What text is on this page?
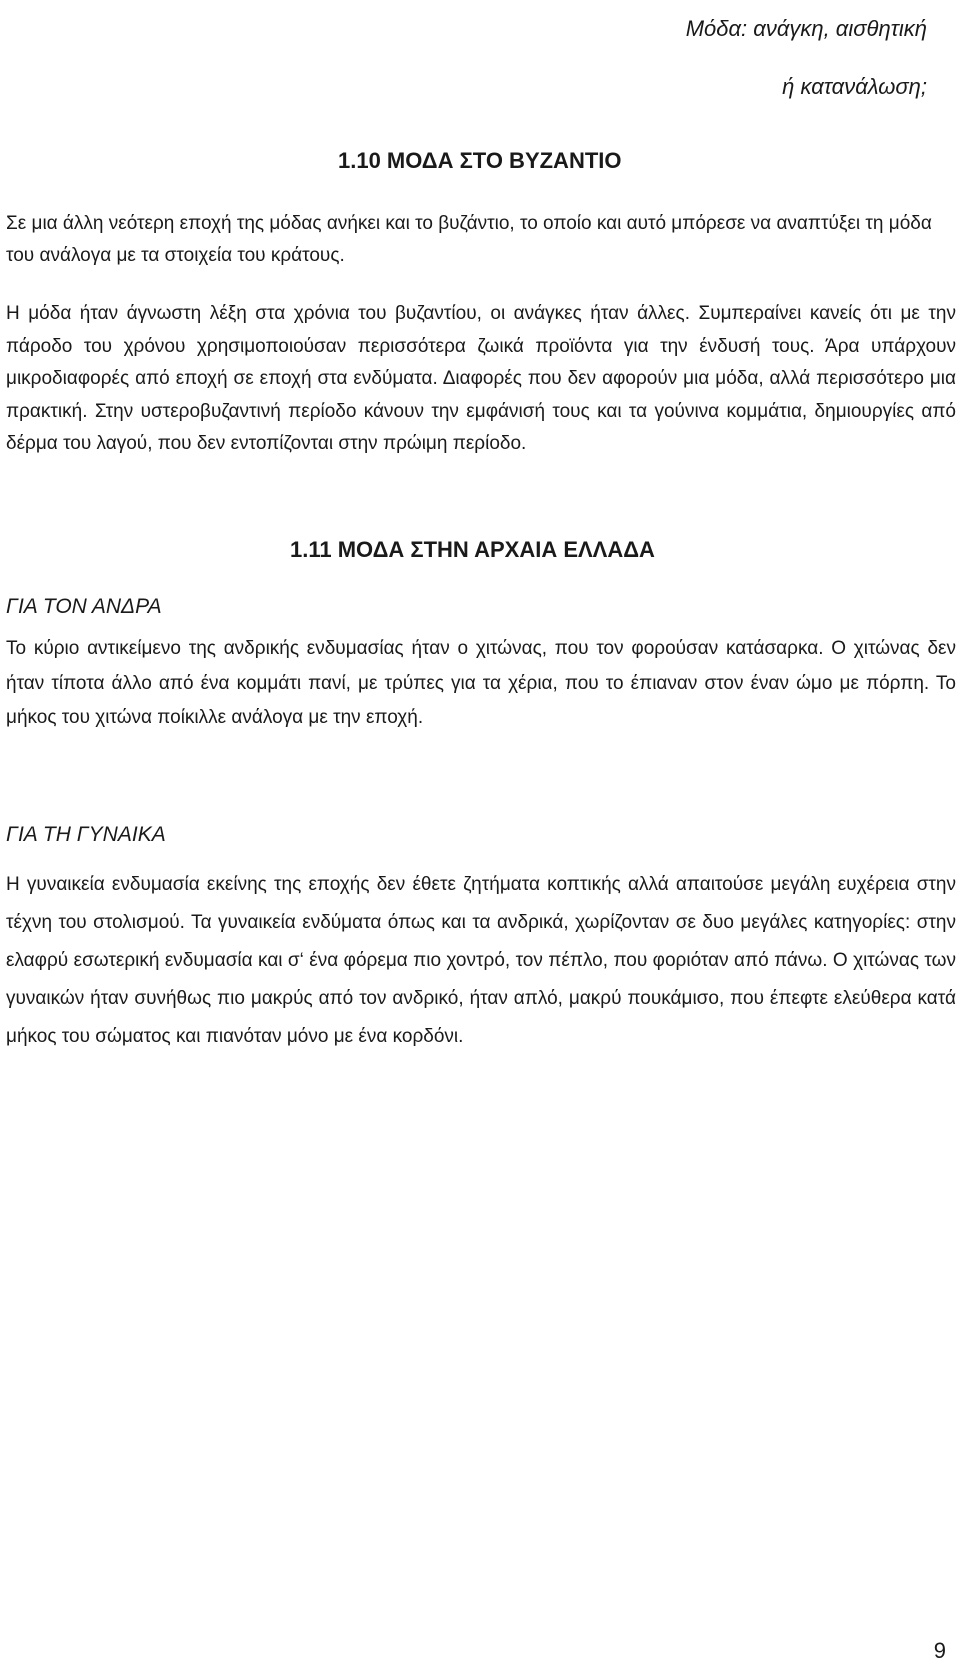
Μόδα: ανάγκη, αισθητική
ή κατανάλωση;
1.10 ΜΟΔΑ ΣΤΟ ΒΥΖΑΝΤΙΟ
Σε μια άλλη νεότερη εποχή της μόδας ανήκει και το βυζάντιο, το οποίο και αυτό μπόρεσε να αναπτύξει τη μόδα του ανάλογα με τα στοιχεία του κράτους.
Η μόδα ήταν άγνωστη λέξη στα χρόνια του βυζαντίου, οι ανάγκες ήταν άλλες. Συμπεραίνει κανείς ότι με την πάροδο του χρόνου χρησιμοποιούσαν περισσότερα ζωικά προϊόντα για την ένδυσή τους. Άρα υπάρχουν μικροδιαφορές από εποχή σε εποχή στα ενδύματα. Διαφορές που δεν αφορούν μια μόδα, αλλά περισσότερο μια πρακτική. Στην υστεροβυζαντινή περίοδο κάνουν την εμφάνισή τους και τα γούνινα κομμάτια, δημιουργίες από δέρμα του λαγού, που δεν εντοπίζονται στην πρώιμη περίοδο.
1.11 ΜΟΔΑ ΣΤΗΝ ΑΡΧΑΙΑ ΕΛΛΑΔΑ
ΓΙΑ ΤΟΝ ΑΝΔΡΑ
Το κύριο αντικείμενο της ανδρικής ενδυμασίας ήταν ο χιτώνας, που τον φορούσαν κατάσαρκα. Ο χιτώνας δεν ήταν τίποτα άλλο από ένα κομμάτι πανί, με τρύπες για τα χέρια, που το έπιαναν στον έναν ώμο με πόρπη. Το μήκος του χιτώνα ποίκιλλε ανάλογα με την εποχή.
ΓΙΑ ΤΗ ΓΥΝΑΙΚΑ
Η γυναικεία ενδυμασία εκείνης της εποχής δεν έθετε ζητήματα κοπτικής αλλά απαιτούσε μεγάλη ευχέρεια στην τέχνη του στολισμού. Τα γυναικεία ενδύματα όπως και τα ανδρικά, χωρίζονταν σε δυο μεγάλες κατηγορίες: στην ελαφρύ εσωτερική ενδυμασία και σ‘ ένα φόρεμα πιο χοντρό, τον πέπλο, που φοριόταν από πάνω. Ο χιτώνας των γυναικών ήταν συνήθως πιο μακρύς από τον ανδρικό, ήταν απλό, μακρύ πουκάμισο, που έπεφτε ελεύθερα κατά μήκος του σώματος και πιανόταν μόνο με ένα κορδόνι.
9
